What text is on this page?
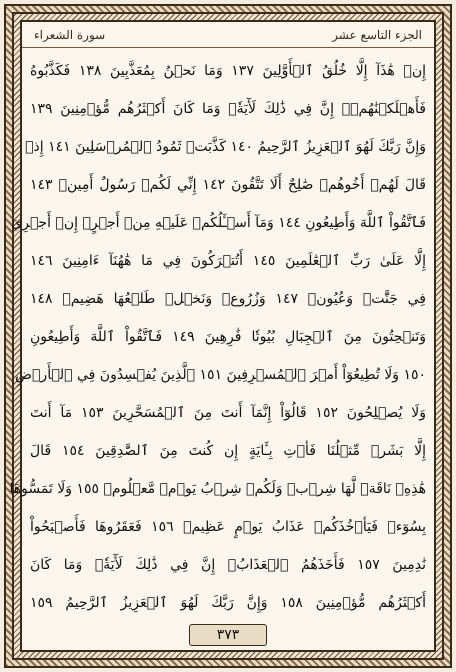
الجزء التاسع عشر
سورة الشعراء
إِنۡ هَٰذَآ إِلَّا خُلُقُ ٱلۡأَوَّلِينَ ١٣٧ وَمَا نَحۡنُ بِمُعَذَّبِينَ ١٣٨ فَكَذَّبُوهُ
فَأَهۡلَكۡنَٰهُمۡۚ إِنَّ فِي ذَٰلِكَ لَأٓيَةٗۖ وَمَا كَانَ أَكۡثَرُهُم مُّؤۡمِنِينَ ١٣٩
وَإِنَّ رَبَّكَ لَهُوَ ٱلۡعَزِيزُ ٱلرَّحِيمُ ١٤٠ كَذَّبَتۡ ثَمُودُ ٱلۡمُرۡسَلِينَ ١٤١ إِذۡ
قَالَ لَهُمۡ أَخُوهُمۡ صَٰلِحٌ أَلَا تَتَّقُونَ ١٤٢ إِنِّي لَكُمۡ رَسُولٌ أَمِينٞ ١٤٣
فَٱتَّقُواْ ٱللَّهَ وَأَطِيعُونِ ١٤٤ وَمَآ أَسۡـَٔلُكُمۡ عَلَيۡهِ مِنۡ أَجۡرٍۖ إِنۡ أَجۡرِيَ
إِلَّا عَلَىٰ رَبِّ ٱلۡعَٰلَمِينَ ١٤٥ أَتُتۡرَكُونَ فِي مَا هَٰهُنَآ ءَامِنِينَ ١٤٦
فِي جَنَّٰتٖ وَعُيُونٖ ١٤٧ وَزُرُوعٖ وَنَخۡلٖ طَلۡعُهَا هَضِيمٞ ١٤٨
وَتَنۡحِتُونَ مِنَ ٱلۡجِبَالِ بُيُوتٗا فَٰرِهِينَ ١٤٩ فَٱتَّقُواْ ٱللَّهَ وَأَطِيعُونِ
١٥٠ وَلَا تُطِيعُوٓاْ أَمۡرَ ٱلۡمُسۡرِفِينَ ١٥١ ٱلَّذِينَ يُفۡسِدُونَ فِي ٱلۡأَرۡضِ
وَلَا يُصۡلِحُونَ ١٥٢ قَالُوٓاْ إِنَّمَآ أَنتَ مِنَ ٱلۡمُسَحَّرِينَ ١٥٣ مَآ أَنتَ
إِلَّا بَشَرٞ مِّثۡلُنَا فَأۡتِ بِـَٔايَةٍ إِن كُنتَ مِنَ ٱلصَّٰدِقِينَ ١٥٤ قَالَ
هَٰذِهِۦ نَاقَةٞ لَّهَا شِرۡبٞ وَلَكُمۡ شِرۡبُ يَوۡمٖ مَّعۡلُومٖ ١٥٥ وَلَا تَمَسُّوهَا
بِسُوٓءٖ فَيَأۡخُذَكُمۡ عَذَابُ يَوۡمٍ عَظِيمٖ ١٥٦ فَعَقَرُوهَا فَأَصۡبَحُواْ
نَٰدِمِينَ ١٥٧ فَأَخَذَهُمُ ٱلۡعَذَابُۚ إِنَّ فِي ذَٰلِكَ لَأٓيَةٗۖ وَمَا كَانَ
أَكۡثَرُهُم مُّؤۡمِنِينَ ١٥٨ وَإِنَّ رَبَّكَ لَهُوَ ٱلۡعَزِيزُ ٱلرَّحِيمُ ١٥٩
٣٧٣
